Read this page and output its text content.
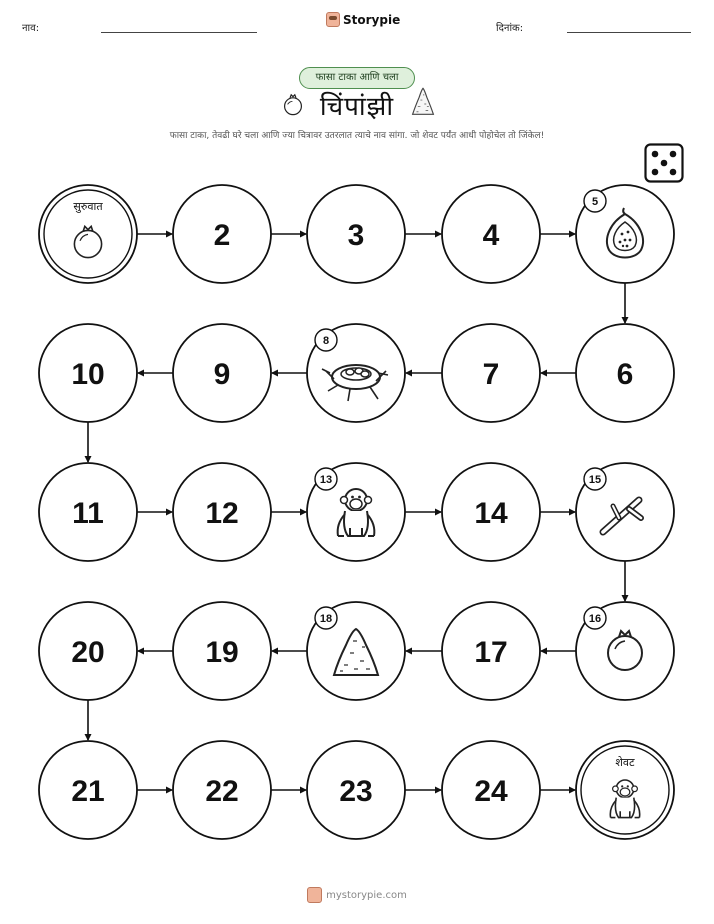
नाव:
Storypie
दिनांक:
फासा टाका आणि चला
चिंपांझी
फासा टाका, तेवढी घरे चला आणि ज्या चित्रावर उतरलात त्याचे नाव सांगा. जो शेवट पर्यंत आधी पोहोचेल तो जिंकेल!
सुरुवात
2	3	4
5
6
7
8
9
10
11	12
13
14
15
16
17
18
19
20
21	22	23	24
शेवट
mystorypie.com
